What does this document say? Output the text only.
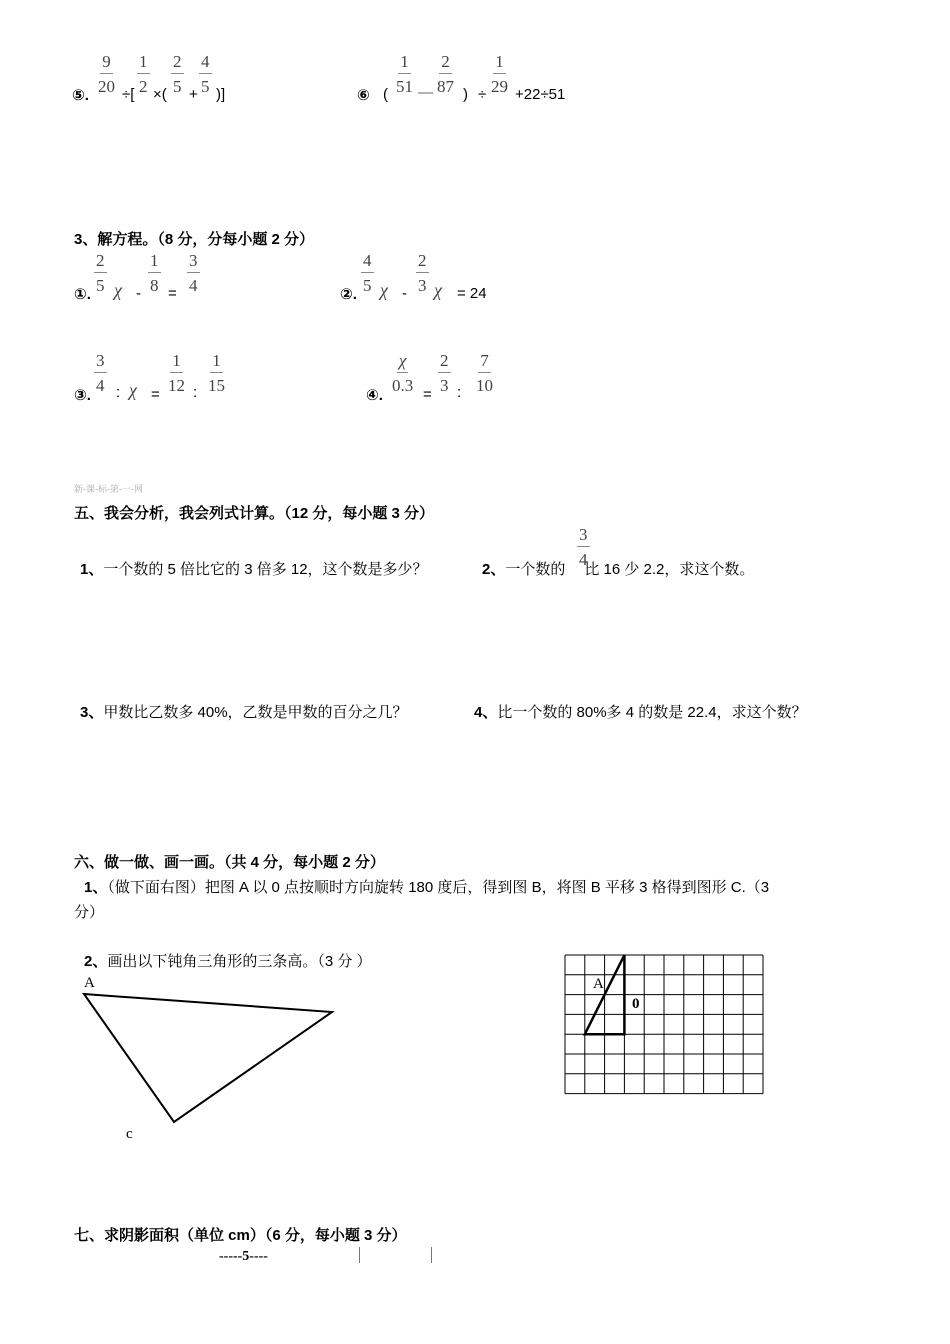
⑤.
$\frac{9}{20}$ ÷[ $\frac{1}{2}$ ×( $\frac{2}{5} + \frac{4}{5}$ )]	⑥ ( $\frac{1}{51}$ — $\frac{2}{87}$ ) ÷ $\frac{1}{29} +22\div 51$
3、解方程。（8 分，分每小题 2 分）
①.
$\frac{2}{5}$ $\chi - \frac{1}{8} = \frac{3}{4}$
②.
$\frac{4}{5}$ χ - $\frac{2}{3}$ χ = 24
③.
$\frac{3}{4}$ : χ =
$\frac{1}{12}$ : $\frac{1}{15}$
④.
$\frac{\chi}{0.3}$
=
$\frac{2}{3}$ : $\frac{7}{10}$
新-课-标-第-一-网
五、我会分析，我会列式计算。（12 分，每小题 3 分）
1、一个数的 5 倍比它的 3 倍多 12，这个数是多少？	2、一个数的 比 16 少 2.2，求这个数。
$\frac{3}{4}$
3、甲数比乙数多 40%，乙数是甲数的百分之几？	4、比一个数的 80%多 4 的数是 22.4，求这个数？
六、做一做、画一画。（共 4 分，每小题 2 分）
1、（做下面右图）把图 A 以 0 点按顺时方向旋转 180 度后，得到图 B，将图 B 平移 3 格得到图形 C.（3
分）
2、画出以下钝角三角形的三条高。（3 分 ）
A
c
A
0
七、求阴影面积（单位 cm）（6 分，每小题 3 分）
-----5----
